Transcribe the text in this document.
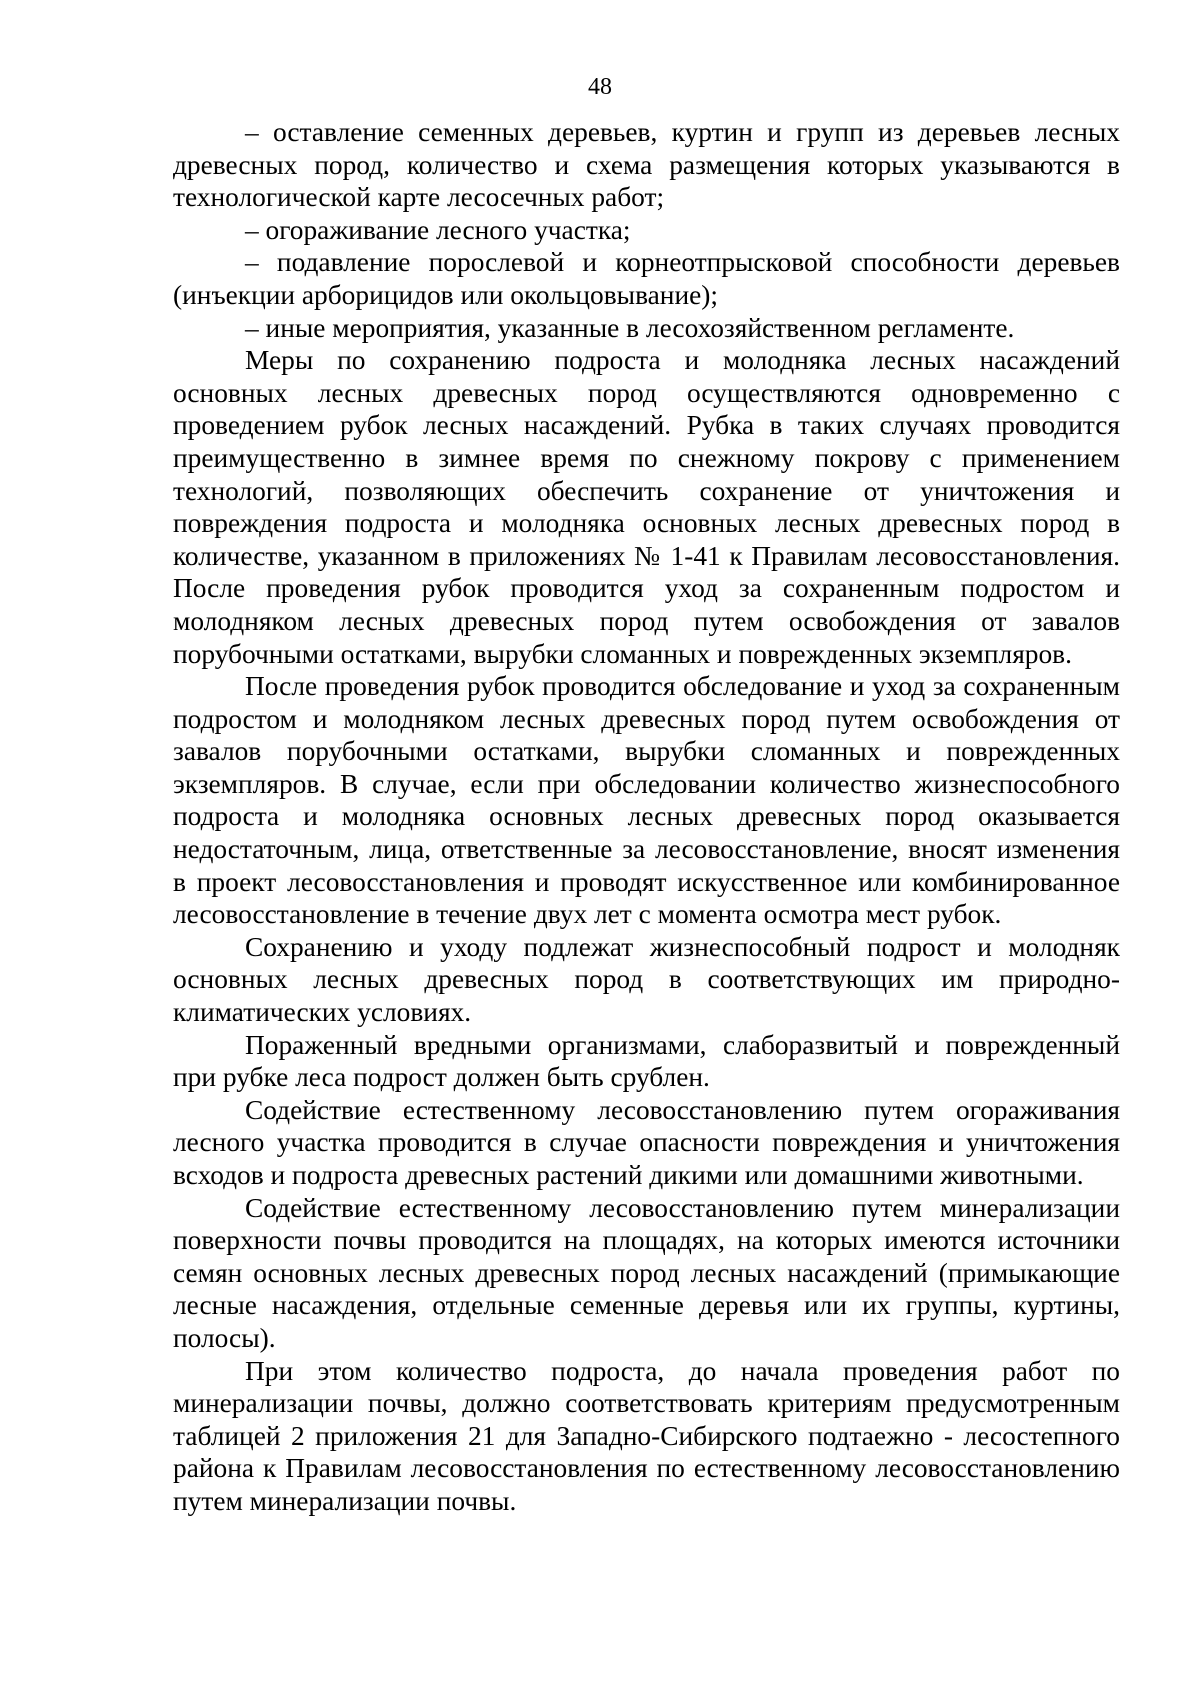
48

– оставление семенных деревьев, куртин и групп из деревьев лесных древесных пород, количество и схема размещения которых указываются в технологической карте лесосечных работ;

– огораживание лесного участка;

– подавление порослевой и корнеотпрысковой способности деревьев (инъекции арборицидов или окольцовывание);

– иные мероприятия, указанные в лесохозяйственном регламенте.

Меры по сохранению подроста и молодняка лесных насаждений основных лесных древесных пород осуществляются одновременно с проведением рубок лесных насаждений. Рубка в таких случаях проводится преимущественно в зимнее время по снежному покрову с применением технологий, позволяющих обеспечить сохранение от уничтожения и повреждения подроста и молодняка основных лесных древесных пород в количестве, указанном в приложениях № 1-41 к Правилам лесовосстановления. После проведения рубок проводится уход за сохраненным подростом и молодняком лесных древесных пород путем освобождения от завалов порубочными остатками, вырубки сломанных и поврежденных экземпляров.

После проведения рубок проводится обследование и уход за сохраненным подростом и молодняком лесных древесных пород путем освобождения от завалов порубочными остатками, вырубки сломанных и поврежденных экземпляров. В случае, если при обследовании количество жизнеспособного подроста и молодняка основных лесных древесных пород оказывается недостаточным, лица, ответственные за лесовосстановление, вносят изменения в проект лесовосстановления и проводят искусственное или комбинированное лесовосстановление в течение двух лет с момента осмотра мест рубок.

Сохранению и уходу подлежат жизнеспособный подрост и молодняк основных лесных древесных пород в соответствующих им природно-климатических условиях.

Пораженный вредными организмами, слаборазвитый и поврежденный при рубке леса подрост должен быть срублен.

Содействие естественному лесовосстановлению путем огораживания лесного участка проводится в случае опасности повреждения и уничтожения всходов и подроста древесных растений дикими или домашними животными.

Содействие естественному лесовосстановлению путем минерализации поверхности почвы проводится на площадях, на которых имеются источники семян основных лесных древесных пород лесных насаждений (примыкающие лесные насаждения, отдельные семенные деревья или их группы, куртины, полосы).

При этом количество подроста, до начала проведения работ по минерализации почвы, должно соответствовать критериям предусмотренным таблицей 2 приложения 21 для Западно-Сибирского подтаежно - лесостепного района к Правилам лесовосстановления по естественному лесовосстановлению путем минерализации почвы.
